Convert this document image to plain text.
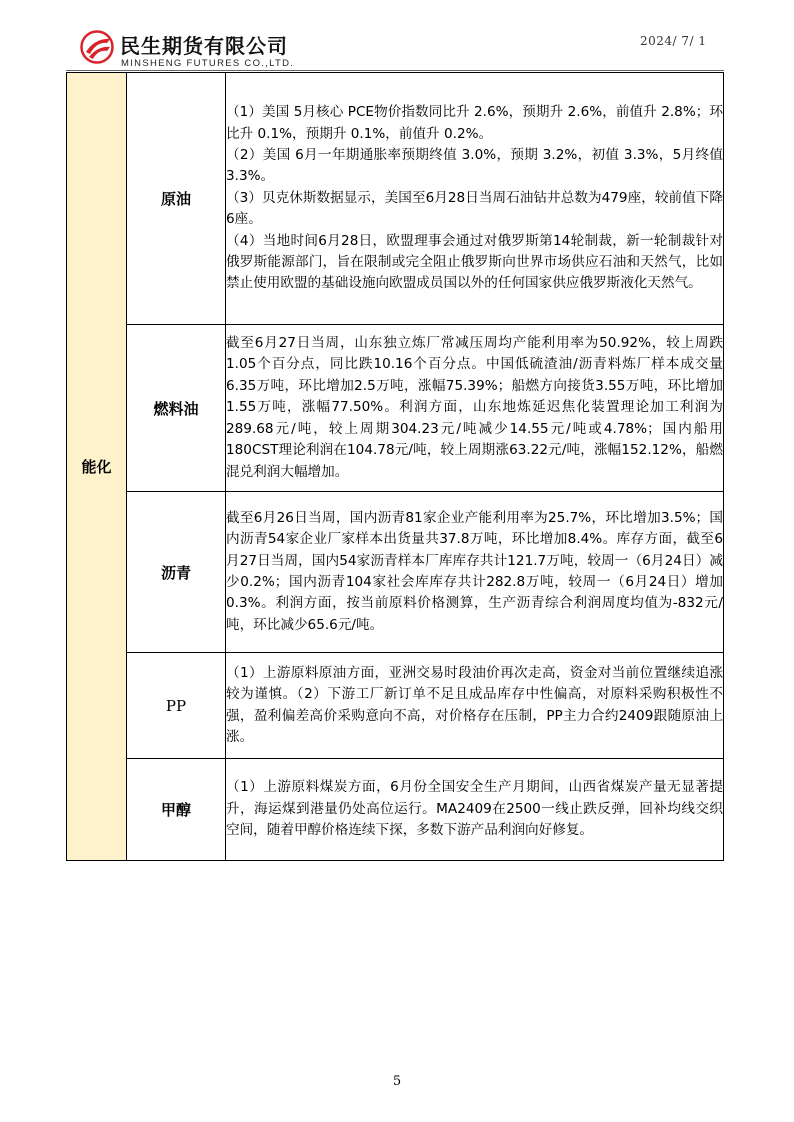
民生期货有限公司
MINSHENG FUTURES CO.,LTD.
2024/ 7/ 1
能化	原油	（1）美国 5月核心 PCE物价指数同比升 2.6%，预期升 2.6%，前值升 2.8%；环比升 0.1%，预期升 0.1%，前值升 0.2%。
（2）美国 6月一年期通胀率预期终值 3.0%，预期 3.2%，初值 3.3%，5月终值 3.3%。
（3）贝克休斯数据显示，美国至6月28日当周石油钻井总数为479座，较前值下降6座。
（4）当地时间6月28日，欧盟理事会通过对俄罗斯第14轮制裁，新一轮制裁针对俄罗斯能源部门，旨在限制或完全阻止俄罗斯向世界市场供应石油和天然气，比如禁止使用欧盟的基础设施向欧盟成员国以外的任何国家供应俄罗斯液化天然气。
	燃料油	截至6月27日当周，山东独立炼厂常减压周均产能利用率为50.92%，较上周跌1.05个百分点，同比跌10.16个百分点。中国低硫渣油/沥青料炼厂样本成交量6.35万吨，环比增加2.5万吨，涨幅75.39%；船燃方向接货3.55万吨，环比增加1.55万吨，涨幅77.50%。利润方面，山东地炼延迟焦化装置理论加工利润为289.68元/吨，较上周期304.23元/吨减少14.55元/吨或4.78%；国内船用180CST理论利润在104.78元/吨，较上周期涨63.22元/吨，涨幅152.12%，船燃混兑利润大幅增加。
	沥青	截至6月26日当周，国内沥青81家企业产能利用率为25.7%，环比增加3.5%；国内沥青54家企业厂家样本出货量共37.8万吨，环比增加8.4%。库存方面，截至6月27日当周，国内54家沥青样本厂库库存共计121.7万吨，较周一（6月24日）减少0.2%；国内沥青104家社会库库存共计282.8万吨，较周一（6月24日）增加0.3%。利润方面，按当前原料价格测算，生产沥青综合利润周度均值为-832元/吨，环比减少65.6元/吨。
	PP	（1）上游原料原油方面，亚洲交易时段油价再次走高，资金对当前位置继续追涨较为谨慎。（2）下游工厂新订单不足且成品库存中性偏高，对原料采购积极性不强，盈利偏差高价采购意向不高，对价格存在压制，PP主力合约2409跟随原油上涨。
	甲醇	（1）上游原料煤炭方面，6月份全国安全生产月期间，山西省煤炭产量无显著提升，海运煤到港量仍处高位运行。MA2409在2500一线止跌反弹，回补均线交织空间，随着甲醇价格连续下探，多数下游产品利润向好修复。
5
